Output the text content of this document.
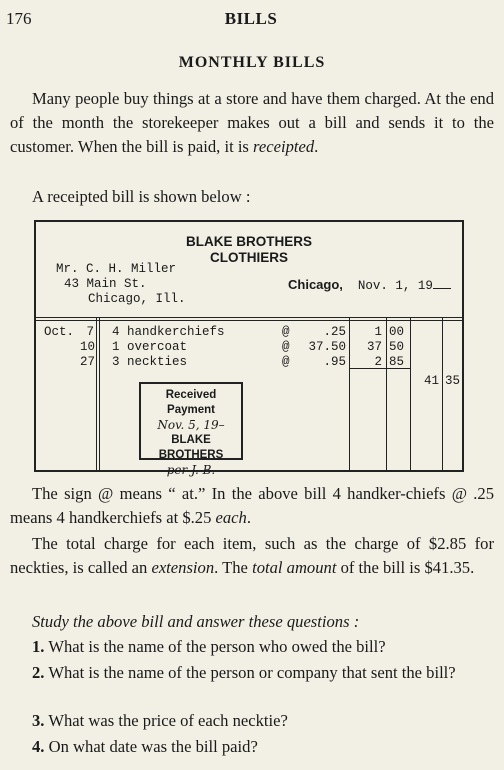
176	BILLS
MONTHLY BILLS
Many people buy things at a store and have them charged. At the end of the month the storekeeper makes out a bill and sends it to the customer. When the bill is paid, it is receipted.
A receipted bill is shown below :
BLAKE BROTHERS
CLOTHIERS
Mr. C. H. Miller
43 Main St.
Chicago, Ill.
Chicago, Nov. 1, 19
Oct. 7 4 handkerchiefs	@	.25	1 00
10 1 overcoat	@	37.50	37 50
27 3 neckties	@	.95	2 85
41 35
Received Payment
Nov. 5, 19–
BLAKE BROTHERS
per J. B.
The sign @ means “ at.” In the above bill 4 handker-chiefs @ .25 means 4 handkerchiefs at $.25 each.
The total charge for each item, such as the charge of $2.85 for neckties, is called an extension. The total amount of the bill is $41.35.
Study the above bill and answer these questions :
1. What is the name of the person who owed the bill?
2. What is the name of the person or company that sent the bill?
3. What was the price of each necktie?
4. On what date was the bill paid?
